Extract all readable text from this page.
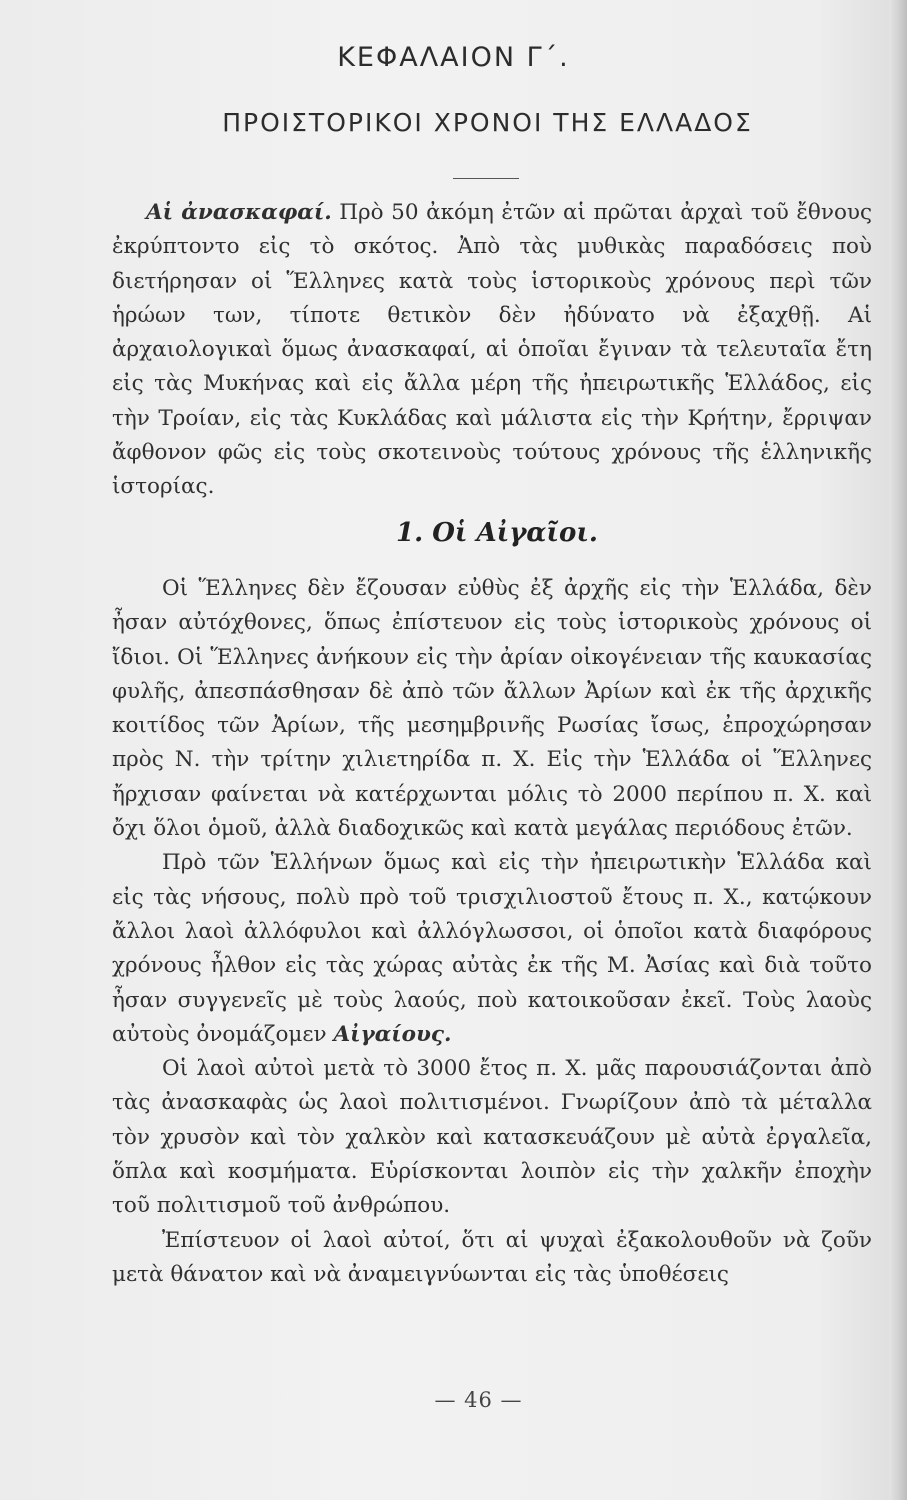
ΚΕΦΑΛΑΙΟΝ Γ΄.
ΠΡΟΙΣΤΟΡΙΚΟΙ ΧΡΟΝΟΙ ΤΗΣ ΕΛΛΑΔΟΣ

Αἱ ἀνασκαφαί. Πρὸ 50 ἀκόμη ἐτῶν αἱ πρῶται ἀρχαὶ τοῦ ἔθνους ἐκρύπτοντο εἰς τὸ σκότος. Ἀπὸ τὰς μυθικὰς παραδόσεις ποὺ διετήρησαν οἱ Ἕλληνες κατὰ τοὺς ἱστορικοὺς χρόνους περὶ τῶν ἡρώων των, τίποτε θετικὸν δὲν ἠδύνατο νὰ ἐξαχθῇ. Αἱ ἀρχαιολογικαὶ ὅμως ἀνασκαφαί, αἱ ὁποῖαι ἔγιναν τὰ τελευταῖα ἔτη εἰς τὰς Μυκήνας καὶ εἰς ἄλλα μέρη τῆς ἠπειρωτικῆς Ἑλλάδος, εἰς τὴν Τροίαν, εἰς τὰς Κυκλάδας καὶ μάλιστα εἰς τὴν Κρήτην, ἔρριψαν ἄφθονον φῶς εἰς τοὺς σκοτεινοὺς τούτους χρόνους τῆς ἑλληνικῆς ἱστορίας.

1. Οἱ Αἰγαῖοι.

Οἱ Ἕλληνες δὲν ἔζουσαν εὐθὺς ἐξ ἀρχῆς εἰς τὴν Ἑλλάδα, δὲν ἦσαν αὐτόχθονες, ὅπως ἐπίστευον εἰς τοὺς ἱστορικοὺς χρόνους οἱ ἴδιοι. Οἱ Ἕλληνες ἀνήκουν εἰς τὴν ἀρίαν οἰκογένειαν τῆς καυκασίας φυλῆς, ἀπεσπάσθησαν δὲ ἀπὸ τῶν ἄλλων Ἀρίων καὶ ἐκ τῆς ἀρχικῆς κοιτίδος τῶν Ἀρίων, τῆς μεσημβρινῆς Ρωσίας ἴσως, ἐπροχώρησαν πρὸς Ν. τὴν τρίτην χιλιετηρίδα π. Χ. Εἰς τὴν Ἑλλάδα οἱ Ἕλληνες ἤρχισαν φαίνεται νὰ κατέρχωνται μόλις τὸ 2000 περίπου π. Χ. καὶ ὄχι ὅλοι ὁμοῦ, ἀλλὰ διαδοχικῶς καὶ κατὰ μεγάλας περιόδους ἐτῶν.

Πρὸ τῶν Ἑλλήνων ὅμως καὶ εἰς τὴν ἠπειρωτικὴν Ἑλλάδα καὶ εἰς τὰς νήσους, πολὺ πρὸ τοῦ τρισχιλιοστοῦ ἔτους π. Χ., κατῴκουν ἄλλοι λαοὶ ἀλλόφυλοι καὶ ἀλλόγλωσσοι, οἱ ὁποῖοι κατὰ διαφόρους χρόνους ἦλθον εἰς τὰς χώρας αὐτὰς ἐκ τῆς Μ. Ἀσίας καὶ διὰ τοῦτο ἦσαν συγγενεῖς μὲ τοὺς λαούς, ποὺ κατοικοῦσαν ἐκεῖ. Τοὺς λαοὺς αὐτοὺς ὀνομάζομεν Αἰγαίους.

Οἱ λαοὶ αὐτοὶ μετὰ τὸ 3000 ἔτος π. Χ. μᾶς παρουσιάζονται ἀπὸ τὰς ἀνασκαφὰς ὡς λαοὶ πολιτισμένοι. Γνωρίζουν ἀπὸ τὰ μέταλλα τὸν χρυσὸν καὶ τὸν χαλκὸν καὶ κατασκευάζουν μὲ αὐτὰ ἐργαλεῖα, ὅπλα καὶ κοσμήματα. Εὑρίσκονται λοιπὸν εἰς τὴν χαλκῆν ἐποχὴν τοῦ πολιτισμοῦ τοῦ ἀνθρώπου.

Ἐπίστευον οἱ λαοὶ αὐτοί, ὅτι αἱ ψυχαὶ ἐξακολουθοῦν νὰ ζοῦν μετὰ θάνατον καὶ νὰ ἀναμειγνύωνται εἰς τὰς ὑποθέσεις

— 46 —
